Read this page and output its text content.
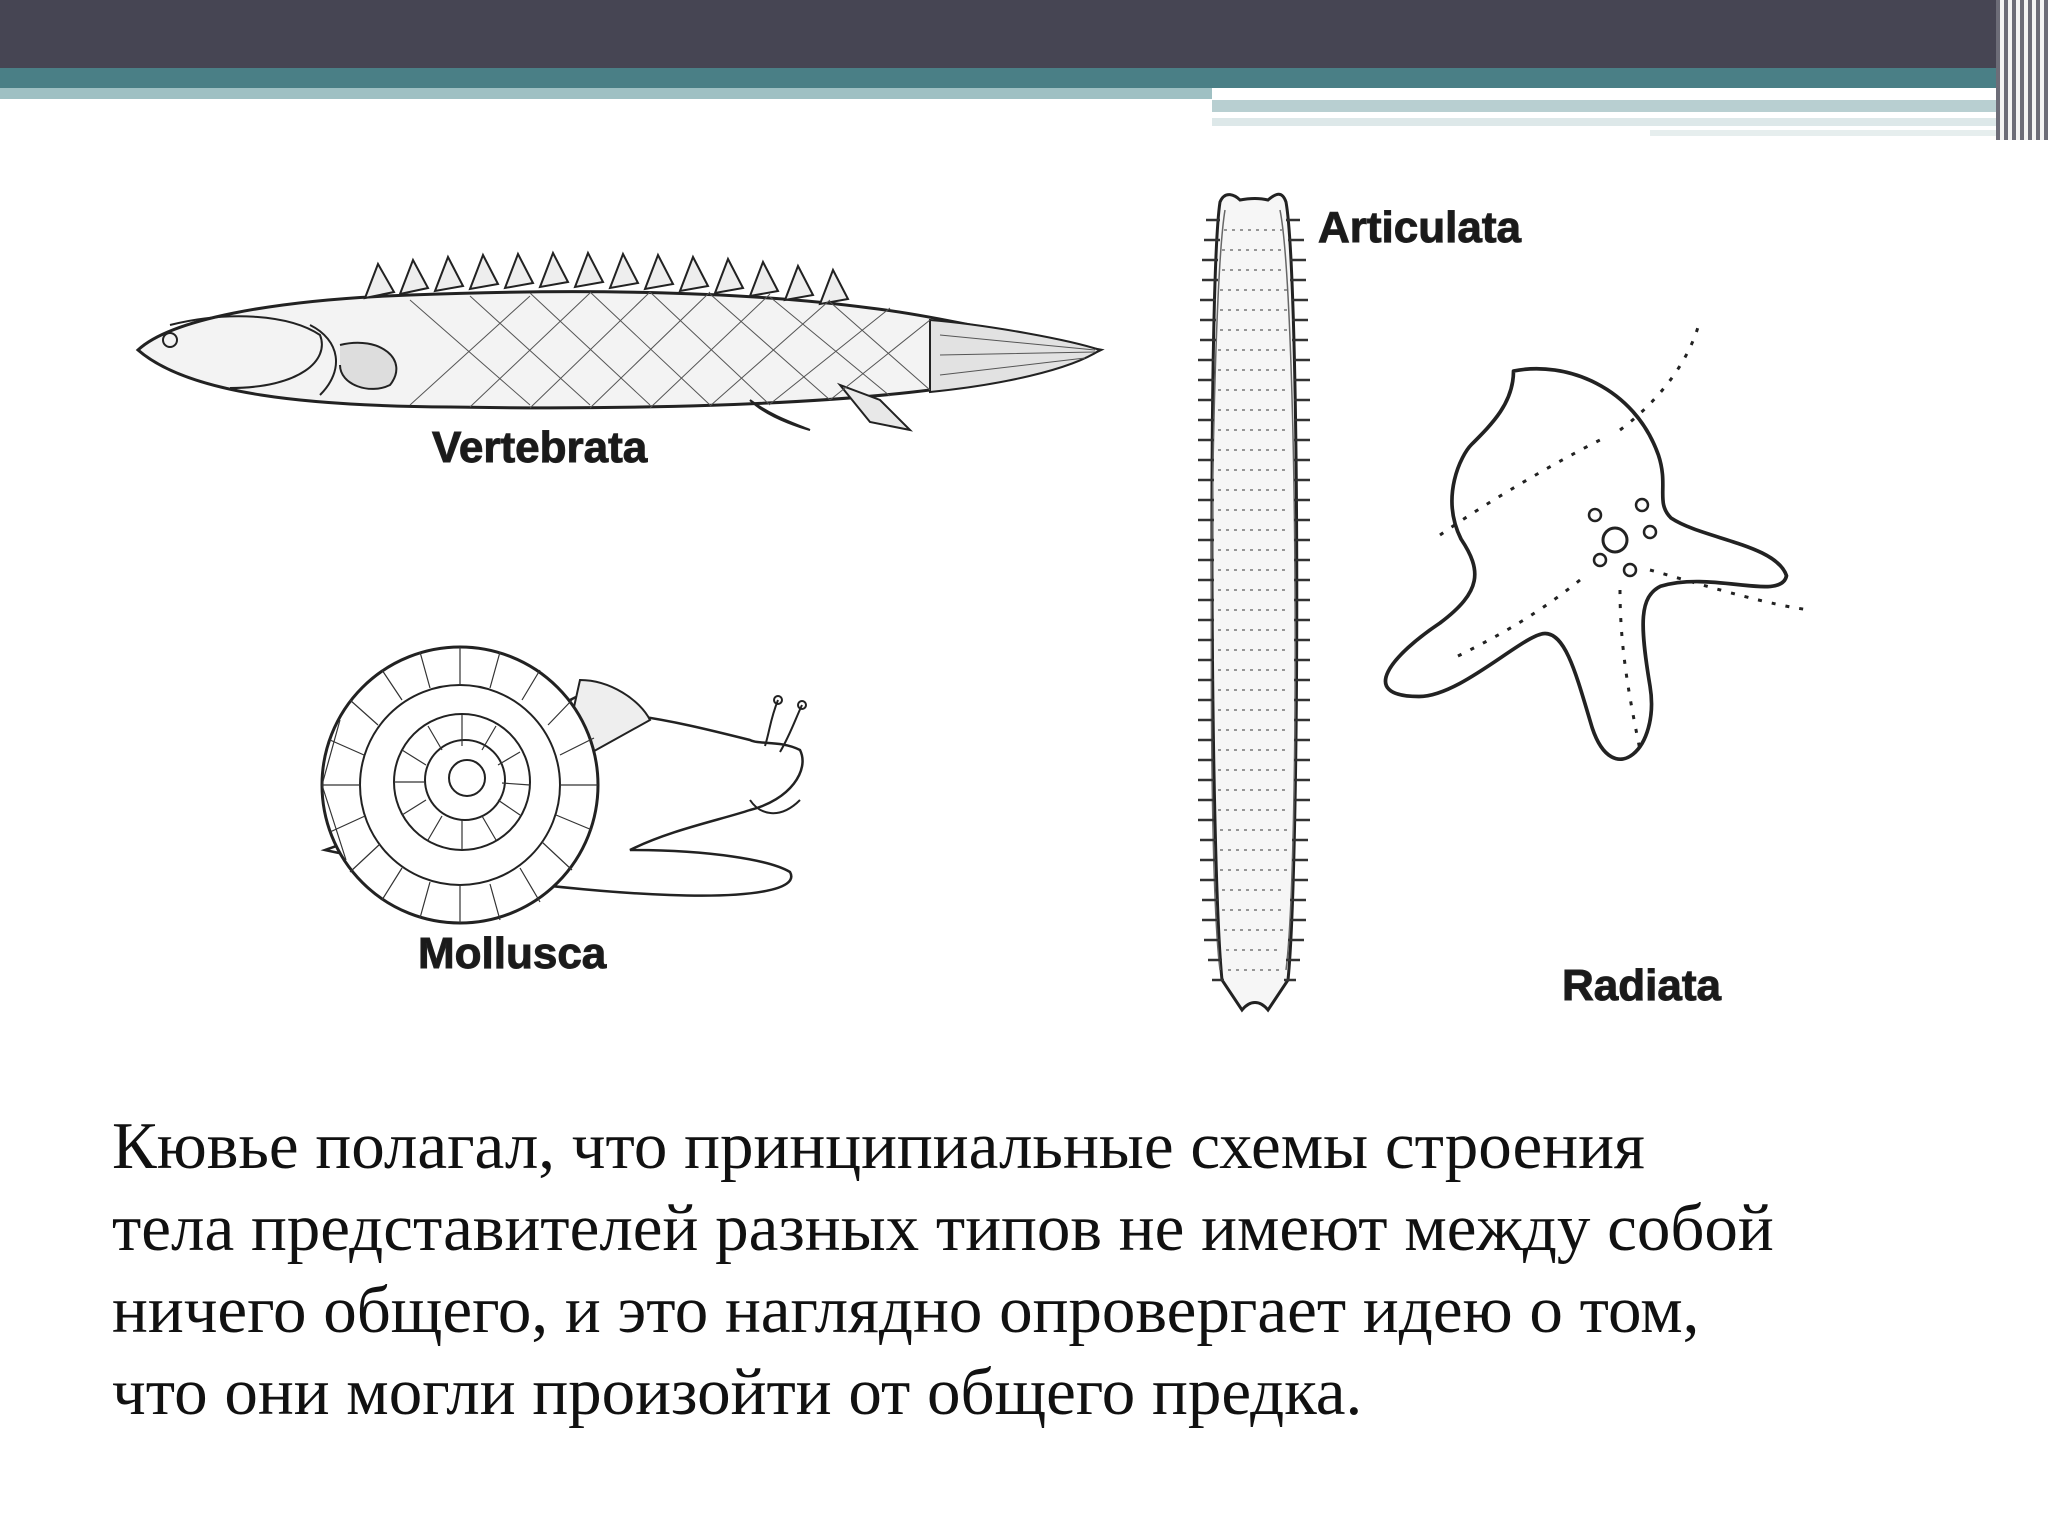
Vertebrata
Articulata
Mollusca
Radiata
Кювье полагал, что принципиальные схемы строения
тела представителей разных типов не имеют между собой
ничего общего, и это наглядно опровергает идею о том,
что они могли произойти от общего предка.
